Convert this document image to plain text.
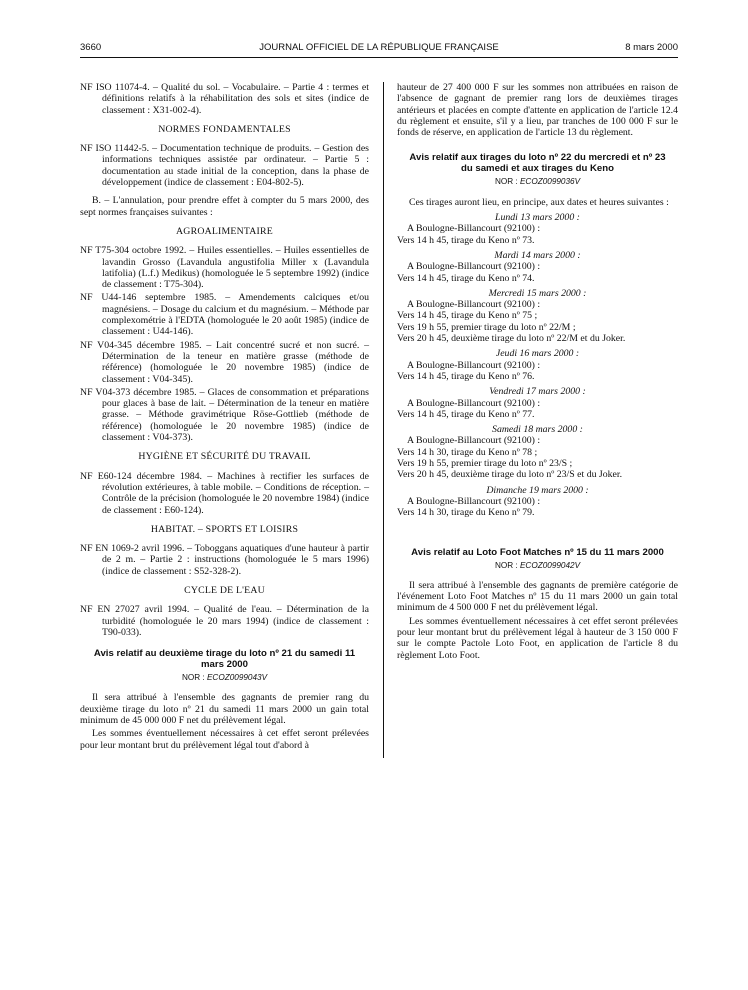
3660	JOURNAL OFFICIEL DE LA RÉPUBLIQUE FRANÇAISE	8 mars 2000

NF ISO 11074-4. – Qualité du sol. – Vocabulaire. – Partie 4 : termes et définitions relatifs à la réhabilitation des sols et sites (indice de classement : X31-002-4).

NORMES FONDAMENTALES

NF ISO 11442-5. – Documentation technique de produits. – Gestion des informations techniques assistée par ordinateur. – Partie 5 : documentation au stade initial de la conception, dans la phase de développement (indice de classement : E04-802-5).

B. – L'annulation, pour prendre effet à compter du 5 mars 2000, des sept normes françaises suivantes :

AGROALIMENTAIRE

NF T75-304 octobre 1992. – Huiles essentielles. – Huiles essentielles de lavandin Grosso (Lavandula angustifolia Miller x (Lavandula latifolia) (L.f.) Medikus) (homologuée le 5 septembre 1992) (indice de classement : T75-304).

NF U44-146 septembre 1985. – Amendements calciques et/ou magnésiens. – Dosage du calcium et du magnésium. – Méthode par complexométrie à l'EDTA (homologuée le 20 août 1985) (indice de classement : U44-146).

NF V04-345 décembre 1985. – Lait concentré sucré et non sucré. – Détermination de la teneur en matière grasse (méthode de référence) (homologuée le 20 novembre 1985) (indice de classement : V04-345).

NF V04-373 décembre 1985. – Glaces de consommation et préparations pour glaces à base de lait. – Détermination de la teneur en matière grasse. – Méthode gravimétrique Röse-Gottlieb (méthode de référence) (homologuée le 20 novembre 1985) (indice de classement : V04-373).

HYGIÈNE ET SÉCURITÉ DU TRAVAIL

NF E60-124 décembre 1984. – Machines à rectifier les surfaces de révolution extérieures, à table mobile. – Conditions de réception. – Contrôle de la précision (homologuée le 20 novembre 1984) (indice de classement : E60-124).

HABITAT. – SPORTS ET LOISIRS

NF EN 1069-2 avril 1996. – Toboggans aquatiques d'une hauteur à partir de 2 m. – Partie 2 : instructions (homologuée le 5 mars 1996) (indice de classement : S52-328-2).

CYCLE DE L'EAU

NF EN 27027 avril 1994. – Qualité de l'eau. – Détermination de la turbidité (homologuée le 20 mars 1994) (indice de classement : T90-033).

Avis relatif au deuxième tirage du loto nº 21 du samedi 11 mars 2000

NOR : ECOZ0099043V

Il sera attribué à l'ensemble des gagnants de premier rang du deuxième tirage du loto nº 21 du samedi 11 mars 2000 un gain total minimum de 45 000 000 F net du prélèvement légal.

Les sommes éventuellement nécessaires à cet effet seront prélevées pour leur montant brut du prélèvement légal tout d'abord à

hauteur de 27 400 000 F sur les sommes non attribuées en raison de l'absence de gagnant de premier rang lors de deuxièmes tirages antérieurs et placées en compte d'attente en application de l'article 12.4 du règlement et ensuite, s'il y a lieu, par tranches de 100 000 F sur le fonds de réserve, en application de l'article 13 du règlement.

Avis relatif aux tirages du loto nº 22 du mercredi et nº 23 du samedi et aux tirages du Keno

NOR : ECOZ0099036V

Ces tirages auront lieu, en principe, aux dates et heures suivantes :

Lundi 13 mars 2000 :

A Boulogne-Billancourt (92100) :

Vers 14 h 45, tirage du Keno nº 73.

Mardi 14 mars 2000 :

A Boulogne-Billancourt (92100) :

Vers 14 h 45, tirage du Keno nº 74.

Mercredi 15 mars 2000 :

A Boulogne-Billancourt (92100) :

Vers 14 h 45, tirage du Keno nº 75 ;

Vers 19 h 55, premier tirage du loto nº 22/M ;

Vers 20 h 45, deuxième tirage du loto nº 22/M et du Joker.

Jeudi 16 mars 2000 :

A Boulogne-Billancourt (92100) :

Vers 14 h 45, tirage du Keno nº 76.

Vendredi 17 mars 2000 :

A Boulogne-Billancourt (92100) :

Vers 14 h 45, tirage du Keno nº 77.

Samedi 18 mars 2000 :

A Boulogne-Billancourt (92100) :

Vers 14 h 30, tirage du Keno nº 78 ;

Vers 19 h 55, premier tirage du loto nº 23/S ;

Vers 20 h 45, deuxième tirage du loto nº 23/S et du Joker.

Dimanche 19 mars 2000 :

A Boulogne-Billancourt (92100) :

Vers 14 h 30, tirage du Keno nº 79.

Avis relatif au Loto Foot Matches nº 15 du 11 mars 2000

NOR : ECOZ0099042V

Il sera attribué à l'ensemble des gagnants de première catégorie de l'événement Loto Foot Matches nº 15 du 11 mars 2000 un gain total minimum de 4 500 000 F net du prélèvement légal.

Les sommes éventuellement nécessaires à cet effet seront prélevées pour leur montant brut du prélèvement légal à hauteur de 3 150 000 F sur le compte Pactole Loto Foot, en application de l'article 8 du règlement Loto Foot.
